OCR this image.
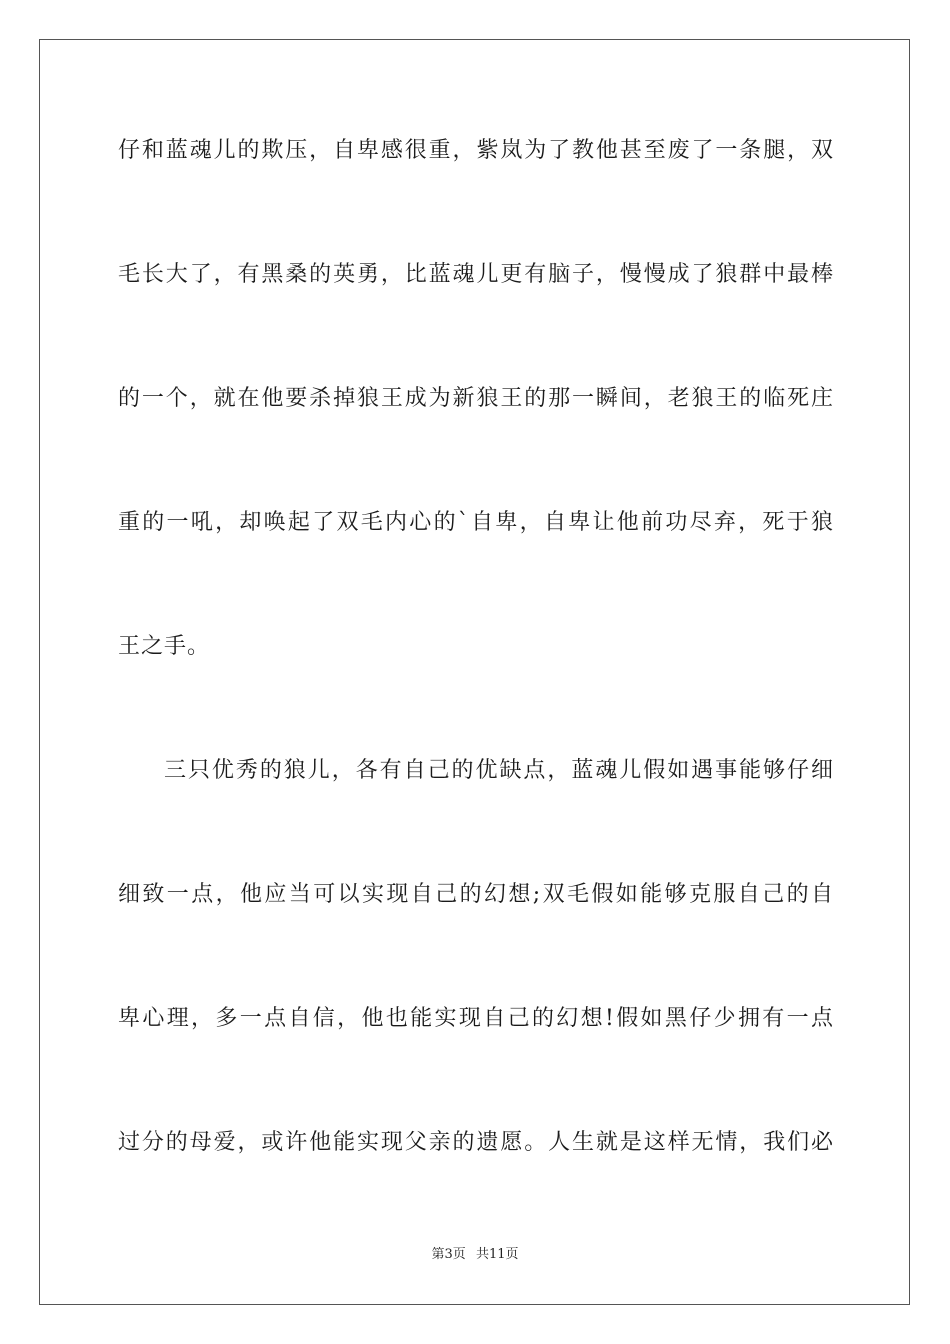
仔和蓝魂儿的欺压，自卑感很重，紫岚为了教他甚至废了一条腿，双
毛长大了，有黑桑的英勇，比蓝魂儿更有脑子，慢慢成了狼群中最棒
的一个，就在他要杀掉狼王成为新狼王的那一瞬间，老狼王的临死庄
重的一吼，却唤起了双毛内心的`自卑，自卑让他前功尽弃，死于狼
王之手。
三只优秀的狼儿，各有自己的优缺点，蓝魂儿假如遇事能够仔细
细致一点，他应当可以实现自己的幻想;双毛假如能够克服自己的自
卑心理，多一点自信，他也能实现自己的幻想!假如黑仔少拥有一点
过分的母爱，或许他能实现父亲的遗愿。人生就是这样无情，我们必
第3页 共11页
